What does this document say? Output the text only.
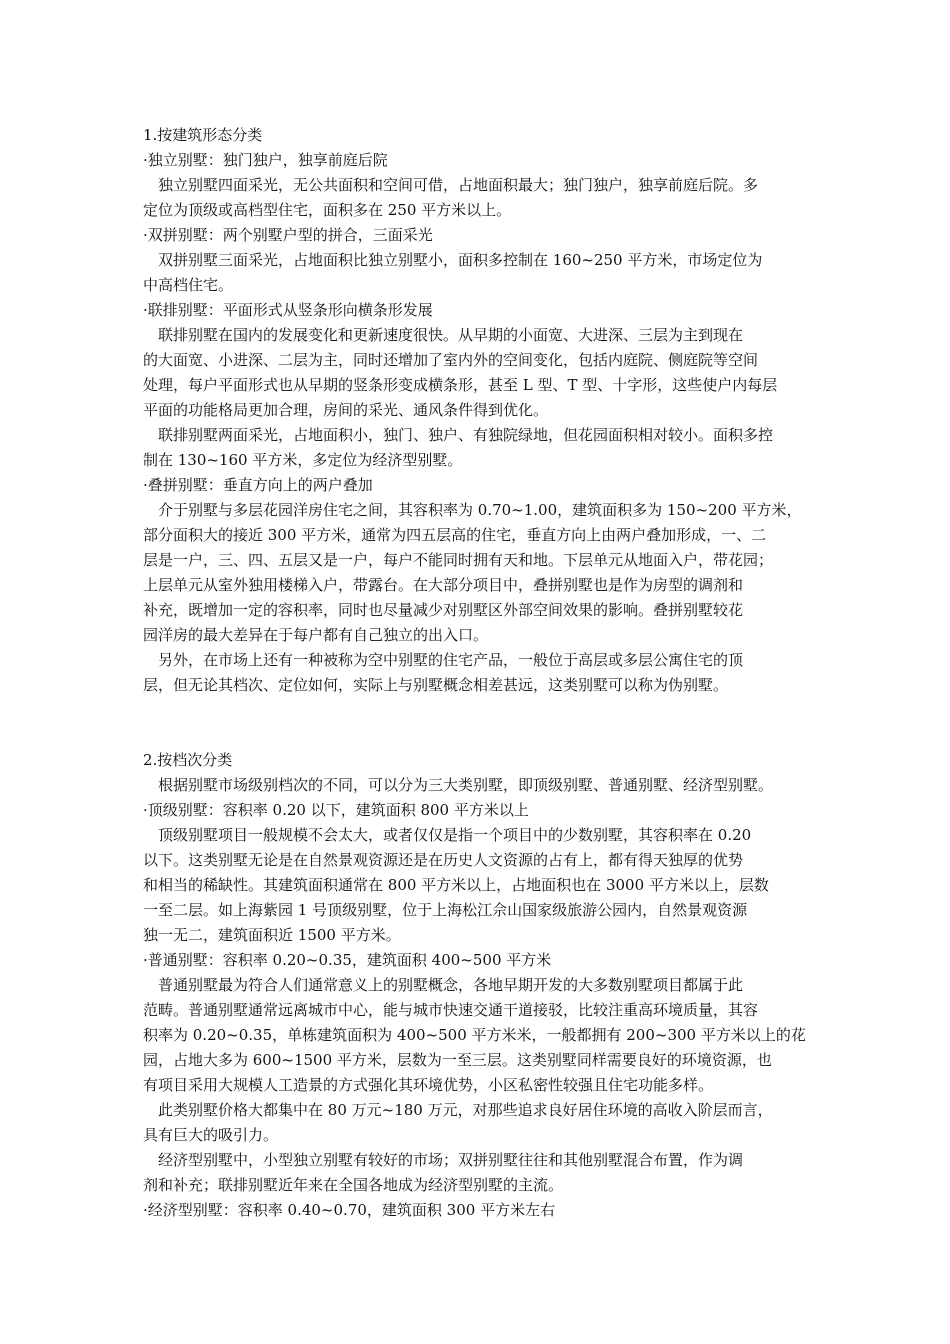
1.按建筑形态分类
·独立别墅：独门独户，独享前庭后院
独立别墅四面采光，无公共面积和空间可借，占地面积最大；独门独户，独享前庭后院。多
定位为顶级或高档型住宅，面积多在 250 平方米以上。
·双拼别墅：两个别墅户型的拼合，三面采光
双拼别墅三面采光，占地面积比独立别墅小，面积多控制在 160~250 平方米，市场定位为
中高档住宅。
·联排别墅：平面形式从竖条形向横条形发展
联排别墅在国内的发展变化和更新速度很快。从早期的小面宽、大进深、三层为主到现在
的大面宽、小进深、二层为主，同时还增加了室内外的空间变化，包括内庭院、侧庭院等空间
处理，每户平面形式也从早期的竖条形变成横条形，甚至 L 型、T 型、十字形，这些使户内每层
平面的功能格局更加合理，房间的采光、通风条件得到优化。
联排别墅两面采光，占地面积小，独门、独户、有独院绿地，但花园面积相对较小。面积多控
制在 130~160 平方米，多定位为经济型别墅。
·叠拼别墅：垂直方向上的两户叠加
介于别墅与多层花园洋房住宅之间，其容积率为 0.70~1.00，建筑面积多为 150~200 平方米，
部分面积大的接近 300 平方米，通常为四五层高的住宅，垂直方向上由两户叠加形成，一、二
层是一户，三、四、五层又是一户，每户不能同时拥有天和地。下层单元从地面入户，带花园；
上层单元从室外独用楼梯入户，带露台。在大部分项目中，叠拼别墅也是作为房型的调剂和
补充，既增加一定的容积率，同时也尽量减少对别墅区外部空间效果的影响。叠拼别墅较花
园洋房的最大差异在于每户都有自己独立的出入口。
另外，在市场上还有一种被称为空中别墅的住宅产品，一般位于高层或多层公寓住宅的顶
层，但无论其档次、定位如何，实际上与别墅概念相差甚远，这类别墅可以称为伪别墅。
2.按档次分类
根据别墅市场级别档次的不同，可以分为三大类别墅，即顶级别墅、普通别墅、经济型别墅。
·顶级别墅：容积率 0.20 以下，建筑面积 800 平方米以上
顶级别墅项目一般规模不会太大，或者仅仅是指一个项目中的少数别墅，其容积率在 0.20
以下。这类别墅无论是在自然景观资源还是在历史人文资源的占有上，都有得天独厚的优势
和相当的稀缺性。其建筑面积通常在 800 平方米以上，占地面积也在 3000 平方米以上，层数
一至二层。如上海紫园 1 号顶级别墅，位于上海松江佘山国家级旅游公园内，自然景观资源
独一无二，建筑面积近 1500 平方米。
·普通别墅：容积率 0.20~0.35，建筑面积 400~500 平方米
普通别墅最为符合人们通常意义上的别墅概念，各地早期开发的大多数别墅项目都属于此
范畴。普通别墅通常远离城市中心，能与城市快速交通干道接驳，比较注重高环境质量，其容
积率为 0.20~0.35，单栋建筑面积为 400~500 平方米米，一般都拥有 200~300 平方米以上的花
园，占地大多为 600~1500 平方米，层数为一至三层。这类别墅同样需要良好的环境资源，也
有项目采用大规模人工造景的方式强化其环境优势，小区私密性较强且住宅功能多样。
此类别墅价格大都集中在 80 万元~180 万元，对那些追求良好居住环境的高收入阶层而言，
具有巨大的吸引力。
经济型别墅中，小型独立别墅有较好的市场；双拼别墅往往和其他别墅混合布置，作为调
剂和补充；联排别墅近年来在全国各地成为经济型别墅的主流。
·经济型别墅：容积率 0.40~0.70，建筑面积 300 平方米左右
